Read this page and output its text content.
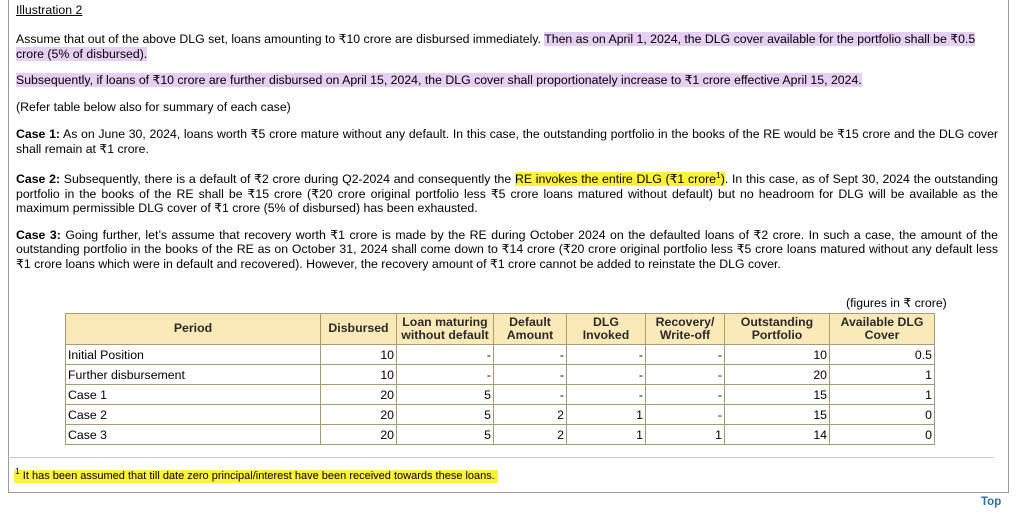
Illustration 2

Assume that out of the above DLG set, loans amounting to ₹10 crore are disbursed immediately. Then as on April 1, 2024, the DLG cover available for the portfolio shall be ₹0.5 crore (5% of disbursed).

Subsequently, if loans of ₹10 crore are further disbursed on April 15, 2024, the DLG cover shall proportionately increase to ₹1 crore effective April 15, 2024.

(Refer table below also for summary of each case)

Case 1: As on June 30, 2024, loans worth ₹5 crore mature without any default. In this case, the outstanding portfolio in the books of the RE would be ₹15 crore and the DLG cover shall remain at ₹1 crore.

Case 2: Subsequently, there is a default of ₹2 crore during Q2-2024 and consequently the RE invokes the entire DLG (₹1 crore$^1$). In this case, as of Sept 30, 2024 the outstanding portfolio in the books of the RE shall be ₹15 crore (₹20 crore original portfolio less ₹5 crore loans matured without default) but no headroom for DLG will be available as the maximum permissible DLG cover of ₹1 crore (5% of disbursed) has been exhausted.

Case 3: Going further, let’s assume that recovery worth ₹1 crore is made by the RE during October 2024 on the defaulted loans of ₹2 crore. In such a case, the amount of the outstanding portfolio in the books of the RE as on October 31, 2024 shall come down to ₹14 crore (₹20 crore original portfolio less ₹5 crore loans matured without any default less ₹1 crore loans which were in default and recovered). However, the recovery amount of ₹1 crore cannot be added to reinstate the DLG cover.

(figures in ₹ crore)
Period	Disbursed	Loan maturing without default	Default Amount	DLG Invoked	Recovery/ Write-off	Outstanding Portfolio	Available DLG Cover
Initial Position	10	-	-	-	-	10	0.5
Further disbursement	10	-	-	-	-	20	1
Case 1	20	5	-	-	-	15	1
Case 2	20	5	2	1	-	15	0
Case 3	20	5	2	1	1	14	0
$^1$ It has been assumed that till date zero principal/interest have been received towards these loans.
Top
